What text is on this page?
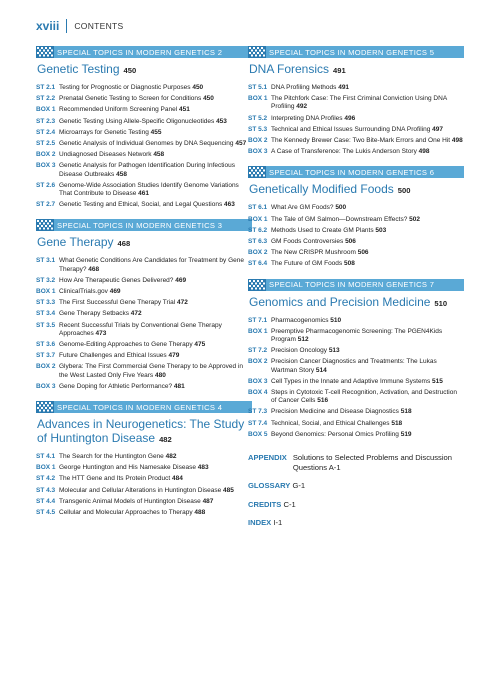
xviii CONTENTS
SPECIAL TOPICS IN MODERN GENETICS 2
Genetic Testing 450
ST 2.1 Testing for Prognostic or Diagnostic Purposes 450
ST 2.2 Prenatal Genetic Testing to Screen for Conditions 450
BOX 1 Recommended Uniform Screening Panel 451
ST 2.3 Genetic Testing Using Allele-Specific Oligonucleotides 453
ST 2.4 Microarrays for Genetic Testing 455
ST 2.5 Genetic Analysis of Individual Genomes by DNA Sequencing 457
BOX 2 Undiagnosed Diseases Network 458
BOX 3 Genetic Analysis for Pathogen Identification During Infectious Disease Outbreaks 458
ST 2.6 Genome-Wide Association Studies Identify Genome Variations That Contribute to Disease 461
ST 2.7 Genetic Testing and Ethical, Social, and Legal Questions 463
SPECIAL TOPICS IN MODERN GENETICS 3
Gene Therapy 468
ST 3.1 What Genetic Conditions Are Candidates for Treatment by Gene Therapy? 468
ST 3.2 How Are Therapeutic Genes Delivered? 469
BOX 1 ClinicalTrials.gov 469
ST 3.3 The First Successful Gene Therapy Trial 472
ST 3.4 Gene Therapy Setbacks 472
ST 3.5 Recent Successful Trials by Conventional Gene Therapy Approaches 473
ST 3.6 Genome-Editing Approaches to Gene Therapy 475
ST 3.7 Future Challenges and Ethical Issues 479
BOX 2 Glybera: The First Commercial Gene Therapy to be Approved in the West Lasted Only Five Years 480
BOX 3 Gene Doping for Athletic Performance? 481
SPECIAL TOPICS IN MODERN GENETICS 4
Advances in Neurogenetics: The Study of Huntington Disease 482
ST 4.1 The Search for the Huntington Gene 482
BOX 1 George Huntington and His Namesake Disease 483
ST 4.2 The HTT Gene and Its Protein Product 484
ST 4.3 Molecular and Cellular Alterations in Huntington Disease 485
ST 4.4 Transgenic Animal Models of Huntington Disease 487
ST 4.5 Cellular and Molecular Approaches to Therapy 488
SPECIAL TOPICS IN MODERN GENETICS 5
DNA Forensics 491
ST 5.1 DNA Profiling Methods 491
BOX 1 The Pitchfork Case: The First Criminal Conviction Using DNA Profiling 492
ST 5.2 Interpreting DNA Profiles 496
ST 5.3 Technical and Ethical Issues Surrounding DNA Profiling 497
BOX 2 The Kennedy Brewer Case: Two Bite-Mark Errors and One Hit 498
BOX 3 A Case of Transference: The Lukis Anderson Story 498
SPECIAL TOPICS IN MODERN GENETICS 6
Genetically Modified Foods 500
ST 6.1 What Are GM Foods? 500
BOX 1 The Tale of GM Salmon—Downstream Effects? 502
ST 6.2 Methods Used to Create GM Plants 503
ST 6.3 GM Foods Controversies 506
BOX 2 The New CRISPR Mushroom 506
ST 6.4 The Future of GM Foods 508
SPECIAL TOPICS IN MODERN GENETICS 7
Genomics and Precision Medicine 510
ST 7.1 Pharmacogenomics 510
BOX 1 Preemptive Pharmacogenomic Screening: The PGEN4Kids Program 512
ST 7.2 Precision Oncology 513
BOX 2 Precision Cancer Diagnostics and Treatments: The Lukas Wartman Story 514
BOX 3 Cell Types in the Innate and Adaptive Immune Systems 515
BOX 4 Steps in Cytotoxic T-cell Recognition, Activation, and Destruction of Cancer Cells 516
ST 7.3 Precision Medicine and Disease Diagnostics 518
ST 7.4 Technical, Social, and Ethical Challenges 518
BOX 5 Beyond Genomics: Personal Omics Profiling 519
APPENDIX Solutions to Selected Problems and Discussion Questions A-1
GLOSSARY G-1
CREDITS C-1
INDEX I-1
